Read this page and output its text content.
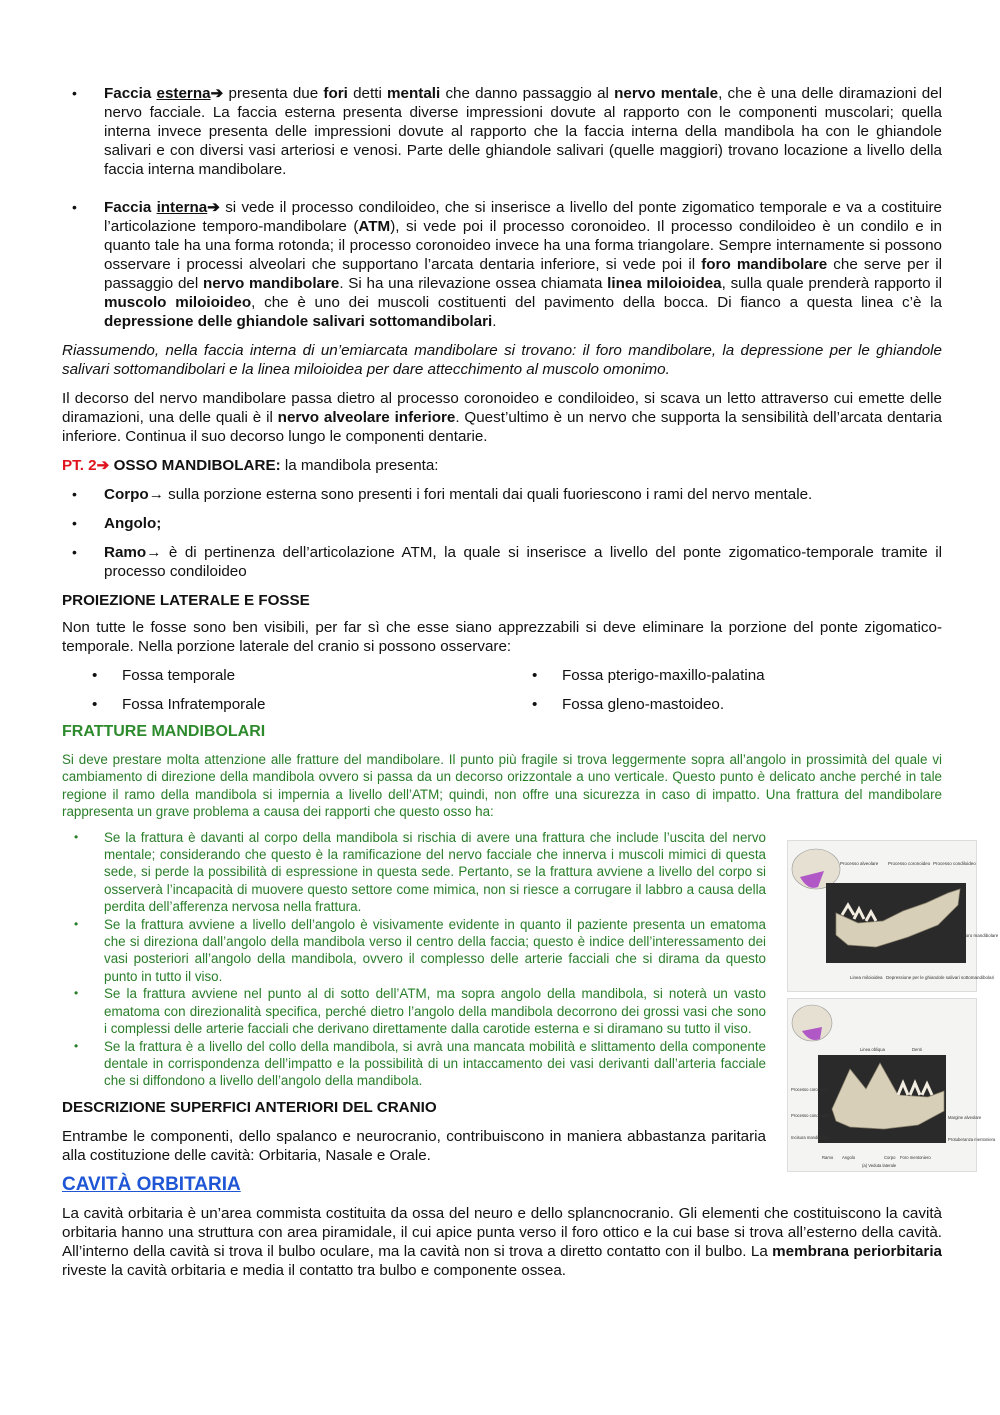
• Faccia esterna➔ presenta due fori detti mentali che danno passaggio al nervo mentale, che è una delle diramazioni del nervo facciale. La faccia esterna presenta diverse impressioni dovute al rapporto con le componenti muscolari; quella interna invece presenta delle impressioni dovute al rapporto che la faccia interna della mandibola ha con le ghiandole salivari e con diversi vasi arteriosi e venosi. Parte delle ghiandole salivari (quelle maggiori) trovano locazione a livello della faccia interna mandibolare.
• Faccia interna➔ si vede il processo condiloideo, che si inserisce a livello del ponte zigomatico temporale e va a costituire l’articolazione temporo-mandibolare (ATM), si vede poi il processo coronoideo. Il processo condiloideo è un condilo e in quanto tale ha una forma rotonda; il processo coronoideo invece ha una forma triangolare. Sempre internamente si possono osservare i processi alveolari che supportano l’arcata dentaria inferiore, si vede poi il foro mandibolare che serve per il passaggio del nervo mandibolare. Si ha una rilevazione ossea chiamata linea miloioidea, sulla quale prenderà rapporto il muscolo miloioideo, che è uno dei muscoli costituenti del pavimento della bocca. Di fianco a questa linea c’è la depressione delle ghiandole salivari sottomandibolari.

Riassumendo, nella faccia interna di un’emiarcata mandibolare si trovano: il foro mandibolare, la depressione per le ghiandole salivari sottomandibolari e la linea miloioidea per dare attecchimento al muscolo omonimo.

Il decorso del nervo mandibolare passa dietro al processo coronoideo e condiloideo, si scava un letto attraverso cui emette delle diramazioni, una delle quali è il nervo alveolare inferiore. Quest’ultimo è un nervo che supporta la sensibilità dell’arcata dentaria inferiore. Continua il suo decorso lungo le componenti dentarie.

PT. 2➔ OSSO MANDIBOLARE: la mandibola presenta:

• Corpo→ sulla porzione esterna sono presenti i fori mentali dai quali fuoriescono i rami del nervo mentale.
• Angolo;
• Ramo→ è di pertinenza dell’articolazione ATM, la quale si inserisce a livello del ponte zigomatico-temporale tramite il processo condiloideo

PROIEZIONE LATERALE E FOSSE

Non tutte le fosse sono ben visibili, per far sì che esse siano apprezzabili si deve eliminare la porzione del ponte zigomatico-temporale. Nella porzione laterale del cranio si possono osservare:

• Fossa temporale	• Fossa pterigo-maxillo-palatina
• Fossa Infratemporale	• Fossa gleno-mastoideo.

FRATTURE MANDIBOLARI

Si deve prestare molta attenzione alle fratture del mandibolare. Il punto più fragile si trova leggermente sopra all’angolo in prossimità del quale vi cambiamento di direzione della mandibola ovvero si passa da un decorso orizzontale a uno verticale. Questo punto è delicato anche perché in tale regione il ramo della mandibola si impernia a livello dell’ATM; quindi, non offre una sicurezza in caso di impatto. Una frattura del mandibolare rappresenta un grave problema a causa dei rapporti che questo osso ha:

• Se la frattura è davanti al corpo della mandibola si rischia di avere una frattura che include l’uscita del nervo mentale; considerando che questo è la ramificazione del nervo facciale che innerva i muscoli mimici di questa sede, si perde la possibilità di espressione in questa sede. Pertanto, se la frattura avviene a livello del corpo si osserverà l’incapacità di muovere questo settore come mimica, non si riesce a corrugare il labbro a causa della perdita dell’afferenza nervosa nella frattura.
• Se la frattura avviene a livello dell’angolo è visivamente evidente in quanto il paziente presenta un ematoma che si direziona dall’angolo della mandibola verso il centro della faccia; questo è indice dell’interessamento dei vasi posteriori all’angolo della mandibola, ovvero il complesso delle arterie facciali che si dirama da questo punto in tutto il viso.
• Se la frattura avviene nel punto al di sotto dell’ATM, ma sopra angolo della mandibola, si noterà un vasto ematoma con direzionalità specifica, perché dietro l’angolo della mandibola decorrono dei grossi vasi che sono i complessi delle arterie facciali che derivano direttamente dalla carotide esterna e si diramano su tutto il viso.
• Se la frattura è a livello del collo della mandibola, si avrà una mancata mobilità e slittamento della componente dentale in corrispondenza dell’impatto e la possibilità di un intaccamento dei vasi derivanti dall’arteria facciale che si diffondono a livello dell’angolo della mandibola.

DESCRIZIONE SUPERFICI ANTERIORI DEL CRANIO

Entrambe le componenti, dello spalanco e neurocranio, contribuiscono in maniera abbastanza paritaria alla costituzione delle cavità: Orbitaria, Nasale e Orale.

CAVITÀ ORBITARIA

La cavità orbitaria è un’area commista costituita da ossa del neuro e dello splancnocranio. Gli elementi che costituiscono la cavità orbitaria hanno una struttura con area piramidale, il cui apice punta verso il foro ottico e la cui base si trova all’esterno della cavità. All’interno della cavità si trova il bulbo oculare, ma la cavità non si trova a diretto contatto con il bulbo. La membrana periorbitaria riveste la cavità orbitaria e media il contatto tra bulbo e componente ossea.

Processo alveolare Processo coronoideo Processo condiloideo
Foro mandibolare
Linea miloioidea Depressione per le ghiandole salivari sottomandibolari
Linea obliqua	Denti
Processo coronoideo
Processo condiloideo
Incisura mandibolare
Margine alveolare
Protuberanza mentoniera
Ramo Angolo	Corpo Foro mentoniero
(a) Veduta laterale
